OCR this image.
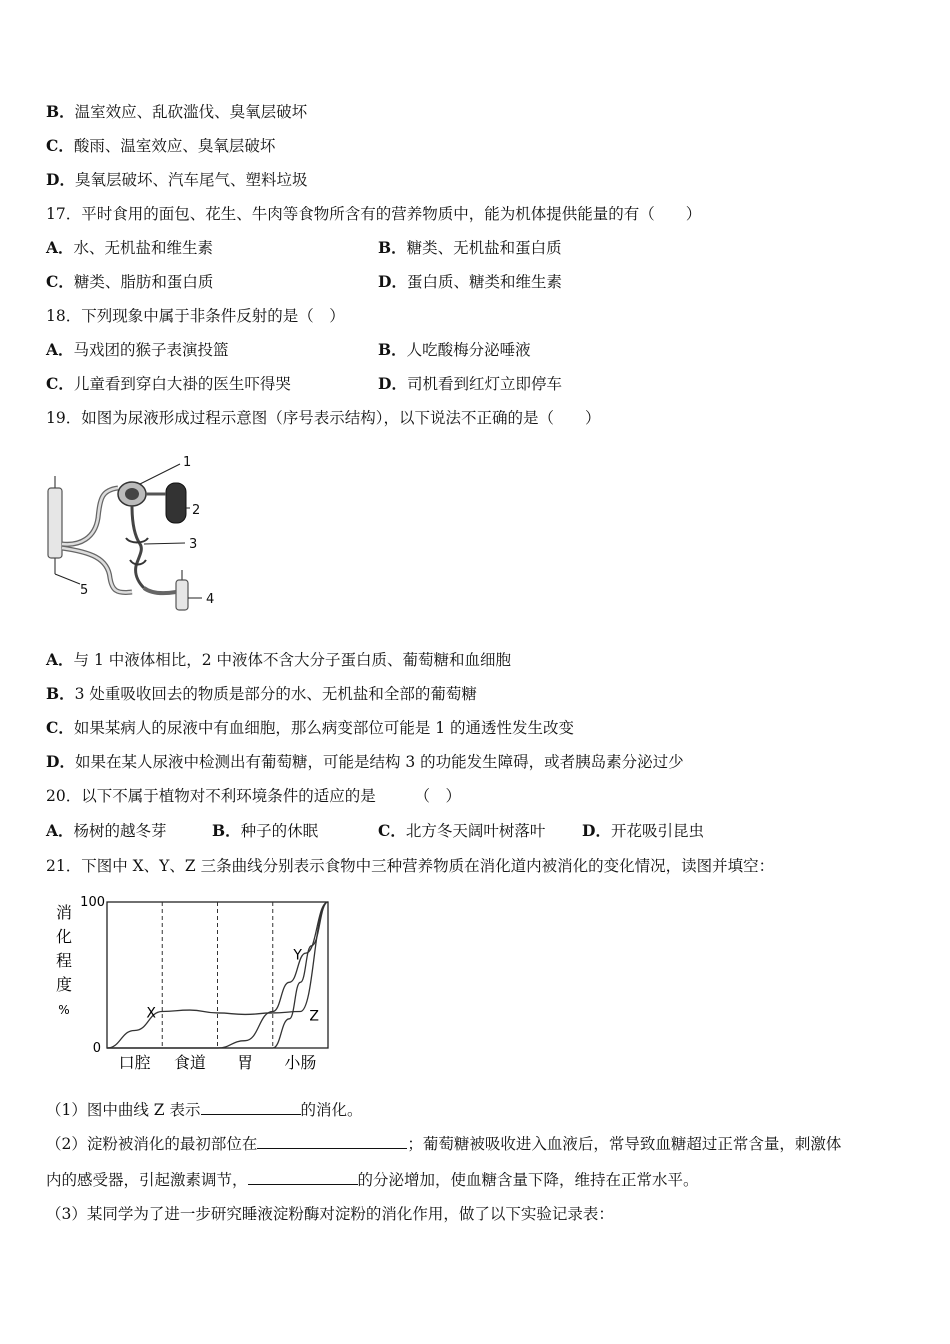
B．温室效应、乱砍滥伐、臭氧层破坏
C．酸雨、温室效应、臭氧层破坏
D．臭氧层破坏、汽车尾气、塑料垃圾
17．平时食用的面包、花生、牛肉等食物所含有的营养物质中，能为机体提供能量的有（　　）
A．水、无机盐和维生素	B．糖类、无机盐和蛋白质
C．糖类、脂肪和蛋白质	D．蛋白质、糖类和维生素
18．下列现象中属于非条件反射的是（　）
A．马戏团的猴子表演投篮	B．人吃酸梅分泌唾液
C．儿童看到穿白大褂的医生吓得哭	D．司机看到红灯立即停车
19．如图为尿液形成过程示意图（序号表示结构），以下说法不正确的是（　　）
1
2
3
4
5
A．与 1 中液体相比，2 中液体不含大分子蛋白质、葡萄糖和血细胞
B．3 处重吸收回去的物质是部分的水、无机盐和全部的葡萄糖
C．如果某病人的尿液中有血细胞，那么病变部位可能是 1 的通透性发生改变
D．如果在某人尿液中检测出有葡萄糖，可能是结构 3 的功能发生障碍，或者胰岛素分泌过少
20．以下不属于植物对不利环境条件的适应的是　　　（　）
A．杨树的越冬芽	B．种子的休眠	C．北方冬天阔叶树落叶 D．开花吸引昆虫
21．下图中 X、Y、Z 三条曲线分别表示食物中三种营养物质在消化道内被消化的变化情况，读图并填空：
0
100
消
化
程
度
%
口腔 食道 胃 小肠
X
Y
Z
（1）图中曲线 Z 表示	的消化。
（2）淀粉被消化的最初部位在	；葡萄糖被吸收进入血液后，常导致血糖超过正常含量，刺激体
内的感受器，引起激素调节，	的分泌增加，使血糖含量下降，维持在正常水平。
（3）某同学为了进一步研究睡液淀粉酶对淀粉的消化作用，做了以下实验记录表：
